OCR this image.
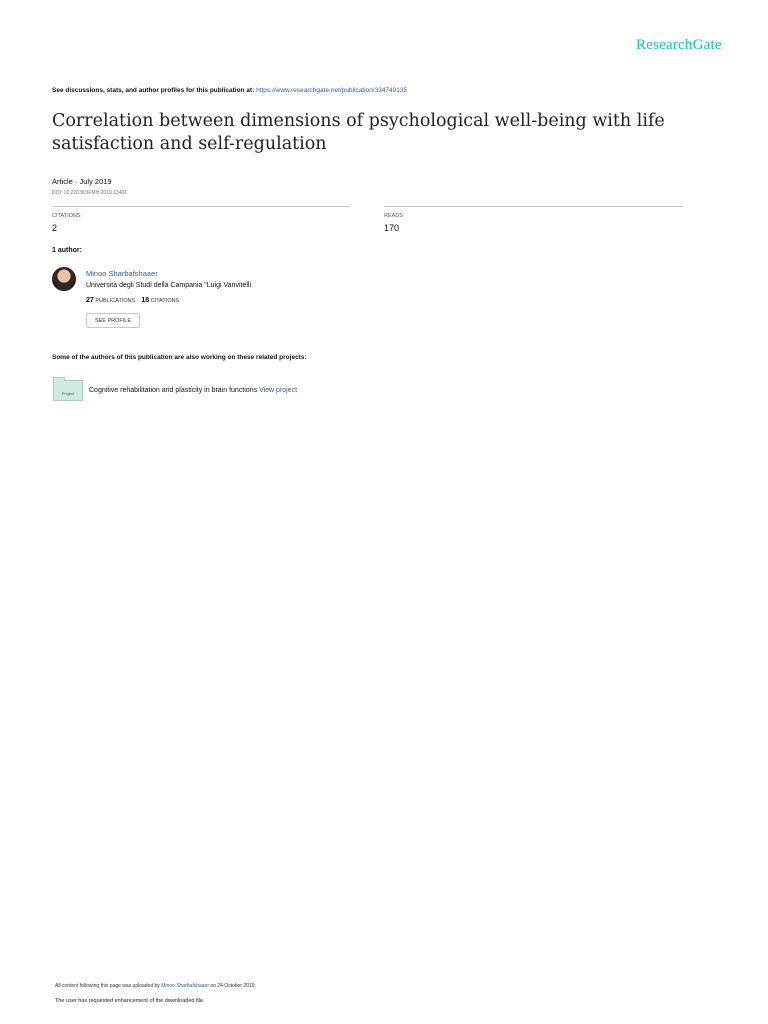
ResearchGate
See discussions, stats, and author profiles for this publication at: https://www.researchgate.net/publication/334749135
Correlation between dimensions of psychological well-being with life satisfaction and self-regulation
Article · July 2019
DOI: 10.22038/JFMH.2019.13401
CITATIONS
2
READS
170
1 author:
Minoo Sharbafshaaer
Università degli Studi della Campania "Luigi Vanvitelli
27 PUBLICATIONS 18 CITATIONS
SEE PROFILE
Some of the authors of this publication are also working on these related projects:
Project Cognitive rehabilitation and plasticity in brain functions View project
All content following this page was uploaded by Minoo Sharbafshaaer on 24 October 2019.
The user has requested enhancement of the downloaded file.
